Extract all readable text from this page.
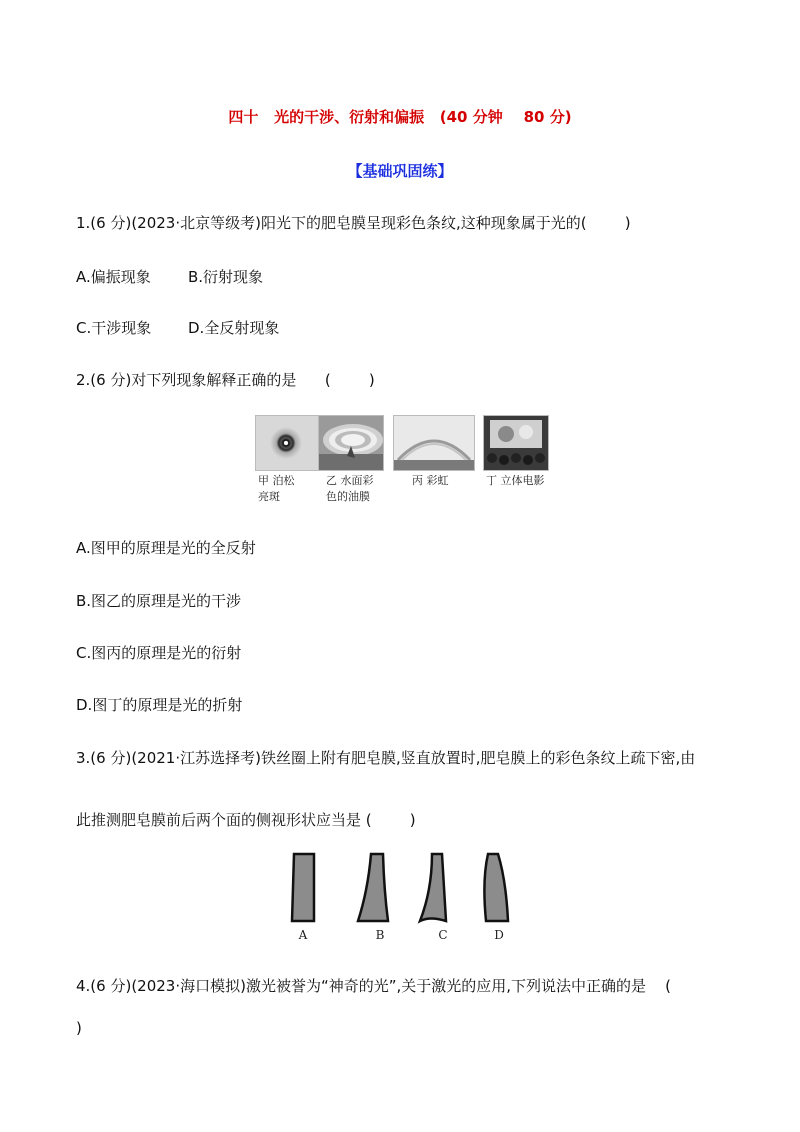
四十   光的干涉、衍射和偏振   (40 分钟    80 分)
【基础巩固练】
1.(6 分)(2023·北京等级考)阳光下的肥皂膜呈现彩色条纹,这种现象属于光的(        )
A.偏振现象 B.衍射现象
C.干涉现象 D.全反射现象
2.(6 分)对下列现象解释正确的是      (        )
甲 泊松
亮斑
乙 水面彩
色的油膜
丙 彩虹	丁 立体电影
A.图甲的原理是光的全反射
B.图乙的原理是光的干涉
C.图丙的原理是光的衍射
D.图丁的原理是光的折射
3.(6 分)(2021·江苏选择考)铁丝圈上附有肥皂膜,竖直放置时,肥皂膜上的彩色条纹上疏下密,由
此推测肥皂膜前后两个面的侧视形状应当是 (        )
A	B	C	D
4.(6 分)(2023·海口模拟)激光被誉为“神奇的光”,关于激光的应用,下列说法中正确的是    (
)
